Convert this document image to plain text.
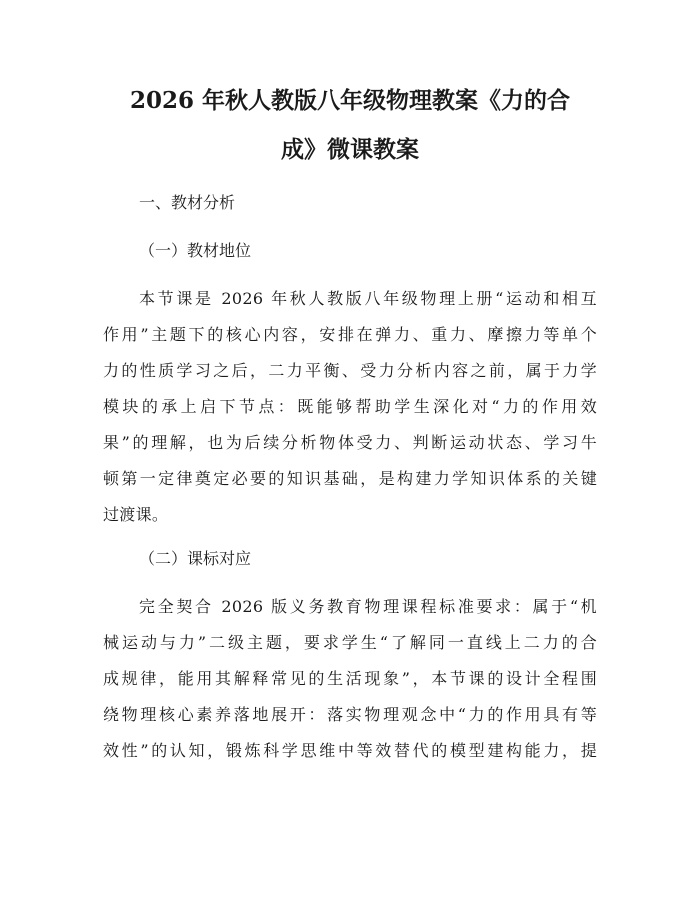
2026 年秋人教版八年级物理教案《力的合
成》微课教案
一、教材分析
（一）教材地位
本节课是 2026 年秋人教版八年级物理上册“运动和相互
作用”主题下的核心内容，安排在弹力、重力、摩擦力等单个
力的性质学习之后，二力平衡、受力分析内容之前，属于力学
模块的承上启下节点：既能够帮助学生深化对“力的作用效
果”的理解，也为后续分析物体受力、判断运动状态、学习牛
顿第一定律奠定必要的知识基础，是构建力学知识体系的关键
过渡课。
（二）课标对应
完全契合 2026 版义务教育物理课程标准要求：属于“机
械运动与力”二级主题，要求学生“了解同一直线上二力的合
成规律，能用其解释常见的生活现象”，本节课的设计全程围
绕物理核心素养落地展开：落实物理观念中“力的作用具有等
效性”的认知，锻炼科学思维中等效替代的模型建构能力，提
